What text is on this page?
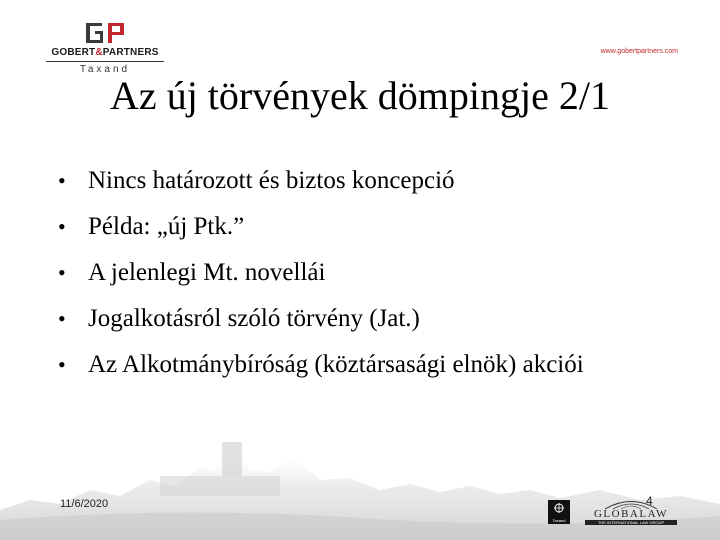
GOBERT&PARTNERS
Taxand
www.gobertpartners.com
Az új törvények dömpingje 2/1
• Nincs határozott és biztos koncepció
• Példa: „új Ptk.”
• A jelenlegi Mt. novellái
• Jogalkotásról szóló törvény (Jat.)
• Az Alkotmánybíróság (köztársasági elnök) akciói
11/6/2020	4
Taxand
GLOBALAW
THE INTERNATIONAL LAW GROUP
